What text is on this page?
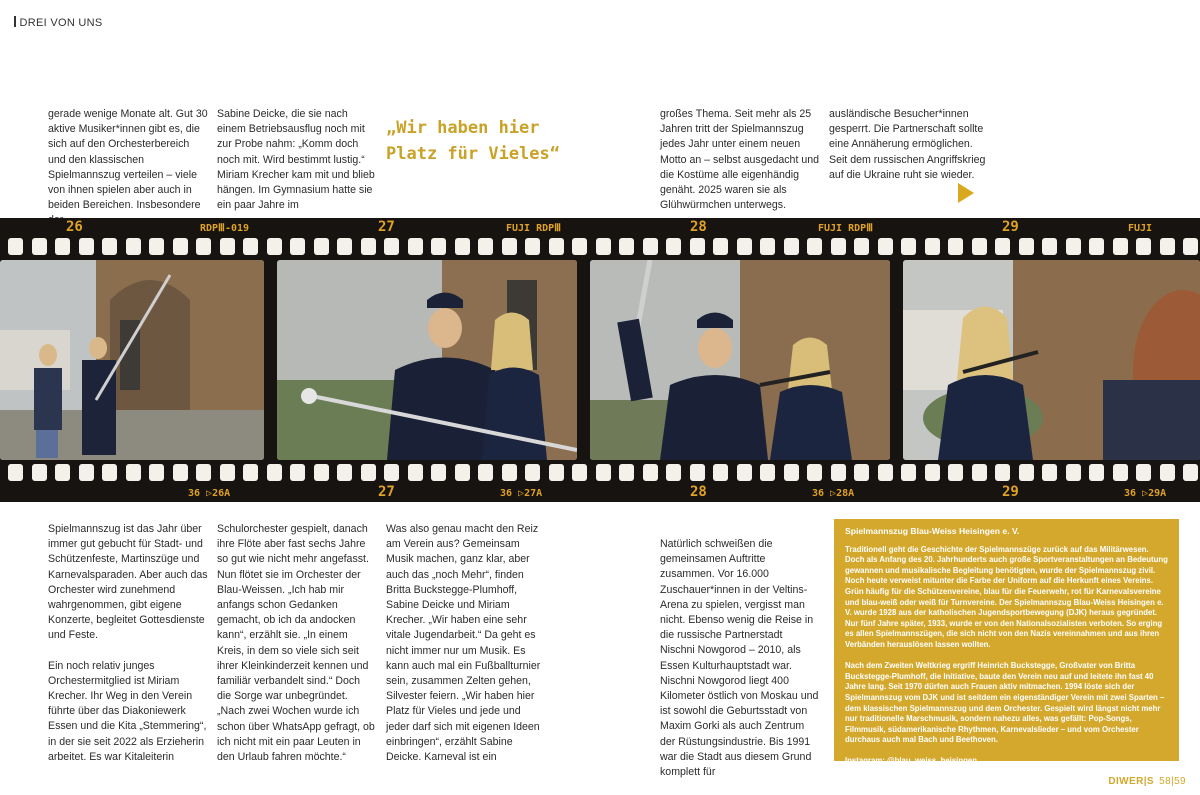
DREI VON UNS

gerade wenige Monate alt. Gut 30 aktive Musiker*innen gibt es, die sich auf den Orchesterbereich und den klassischen Spielmannszug verteilen – viele von ihnen spielen aber auch in beiden Bereichen. Insbesondere

Sabine Deicke, die sie nach einem Betriebsausflug noch mit zur Probe nahm: „Komm doch noch mit. Wird bestimmt lustig.“ Miriam Krecher kam mit und blieb hängen. Im Gymnasium hatte sie ein paar Jahre im

„Wir haben hier Platz für Vieles“

großes Thema. Seit mehr als 25 Jahren tritt der Spielmannszug jedes Jahr unter einem neuen Motto an – selbst ausgedacht und die Kostüme alle eigenhändig genäht. 2025 waren sie als Glühwürmchen unterwegs.

ausländische Besucher*innen gesperrt. Die Partnerschaft sollte eine Annäherung ermöglichen. Seit dem russischen Angriffskrieg auf die Ukraine ruht sie wieder.

26	RDPⅢ-019	27	FUJI RDPⅢ	28	FUJI RDPⅢ	29	FUJI
36 ▷26A	27	36 ▷27A	28	36 ▷28A	29	36 ▷29A

Spielmannszug ist das Jahr über immer gut gebucht für Stadt- und Schützenfeste, Martinszüge und Karnevalsparaden. Aber auch das Orchester wird zunehmend wahrgenommen, gibt eigene Konzerte, begleitet Gottesdienste und Feste.

Ein noch relativ junges Orchestermitglied ist Miriam Krecher. Ihr Weg in den Verein führte über das Diakoniewerk Essen und die Kita „Stemmering“, in der sie seit 2022 als Erzieherin arbeitet. Es war Kitaleiterin

Schulorchester gespielt, danach ihre Flöte aber fast sechs Jahre so gut wie nicht mehr angefasst. Nun flötet sie im Orchester der Blau-Weissen. „Ich hab mir anfangs schon Gedanken gemacht, ob ich da andocken kann“, erzählt sie. „In einem Kreis, in dem so viele sich seit ihrer Kleinkinderzeit kennen und familiär verbandelt sind.“ Doch die Sorge war unbegründet. „Nach zwei Wochen wurde ich schon über WhatsApp gefragt, ob ich nicht mit ein paar Leuten in den Urlaub fahren möchte.“

Was also genau macht den Reiz am Verein aus? Gemeinsam Musik machen, ganz klar, aber auch das „noch Mehr“, finden Britta Buckstegge-Plumhoff, Sabine Deicke und Miriam Krecher. „Wir haben eine sehr vitale Jugendarbeit.“ Da geht es nicht immer nur um Musik. Es kann auch mal ein Fußballturnier sein, zusammen Zelten gehen, Silvester feiern. „Wir haben hier Platz für Vieles und jede und jeder darf sich mit eigenen Ideen einbringen“, erzählt Sabine Deicke. Karneval ist ein

Natürlich schweißen die gemeinsamen Auftritte zusammen. Vor 16.000 Zuschauer*innen in der Veltins-Arena zu spielen, vergisst man nicht. Ebenso wenig die Reise in die russische Partnerstadt Nischni Nowgorod – 2010, als Essen Kulturhauptstadt war. Nischni Nowgorod liegt 400 Kilometer östlich von Moskau und ist sowohl die Geburtsstadt von Maxim Gorki als auch Zentrum der Rüstungsindustrie. Bis 1991 war die Stadt aus diesem Grund komplett für

Spielmannszug Blau-Weiss Heisingen e. V.

Traditionell geht die Geschichte der Spielmannszüge zurück auf das Militärwesen. Doch als Anfang des 20. Jahrhunderts auch große Sportveranstaltungen an Bedeutung gewannen und musikalische Begleitung benötigten, wurde der Spielmannszug zivil. Noch heute verweist mitunter die Farbe der Uniform auf die Herkunft eines Vereins. Grün häufig für die Schützenvereine, blau für die Feuerwehr, rot für Karnevalsvereine und blau-weiß oder weiß für Turnvereine. Der Spielmannszug Blau-Weiss Heisingen e. V. wurde 1928 aus der katholischen Jugendsportbewegung (DJK) heraus gegründet. Nur fünf Jahre später, 1933, wurde er von den Nationalsozialisten verboten. So erging es allen Spielmannszügen, die sich nicht von den Nazis vereinnahmen und aus ihren Verbänden herauslösen lassen wollten.

Nach dem Zweiten Weltkrieg ergriff Heinrich Buckstegge, Großvater von Britta Buckstegge-Plumhoff, die Initiative, baute den Verein neu auf und leitete ihn fast 40 Jahre lang. Seit 1970 dürfen auch Frauen aktiv mitmachen. 1994 löste sich der Spielmannszug vom DJK und ist seitdem ein eigenständiger Verein mit zwei Sparten – dem klassischen Spielmannszug und dem Orchester. Gespielt wird längst nicht mehr nur traditionelle Marschmusik, sondern nahezu alles, was gefällt: Pop-Songs, Filmmusik, südamerikanische Rhythmen, Karnevalslieder – und vom Orchester durchaus auch mal Bach und Beethoven.

Instagram: @blau_weiss_heisingen

DIWER|S 58|59
